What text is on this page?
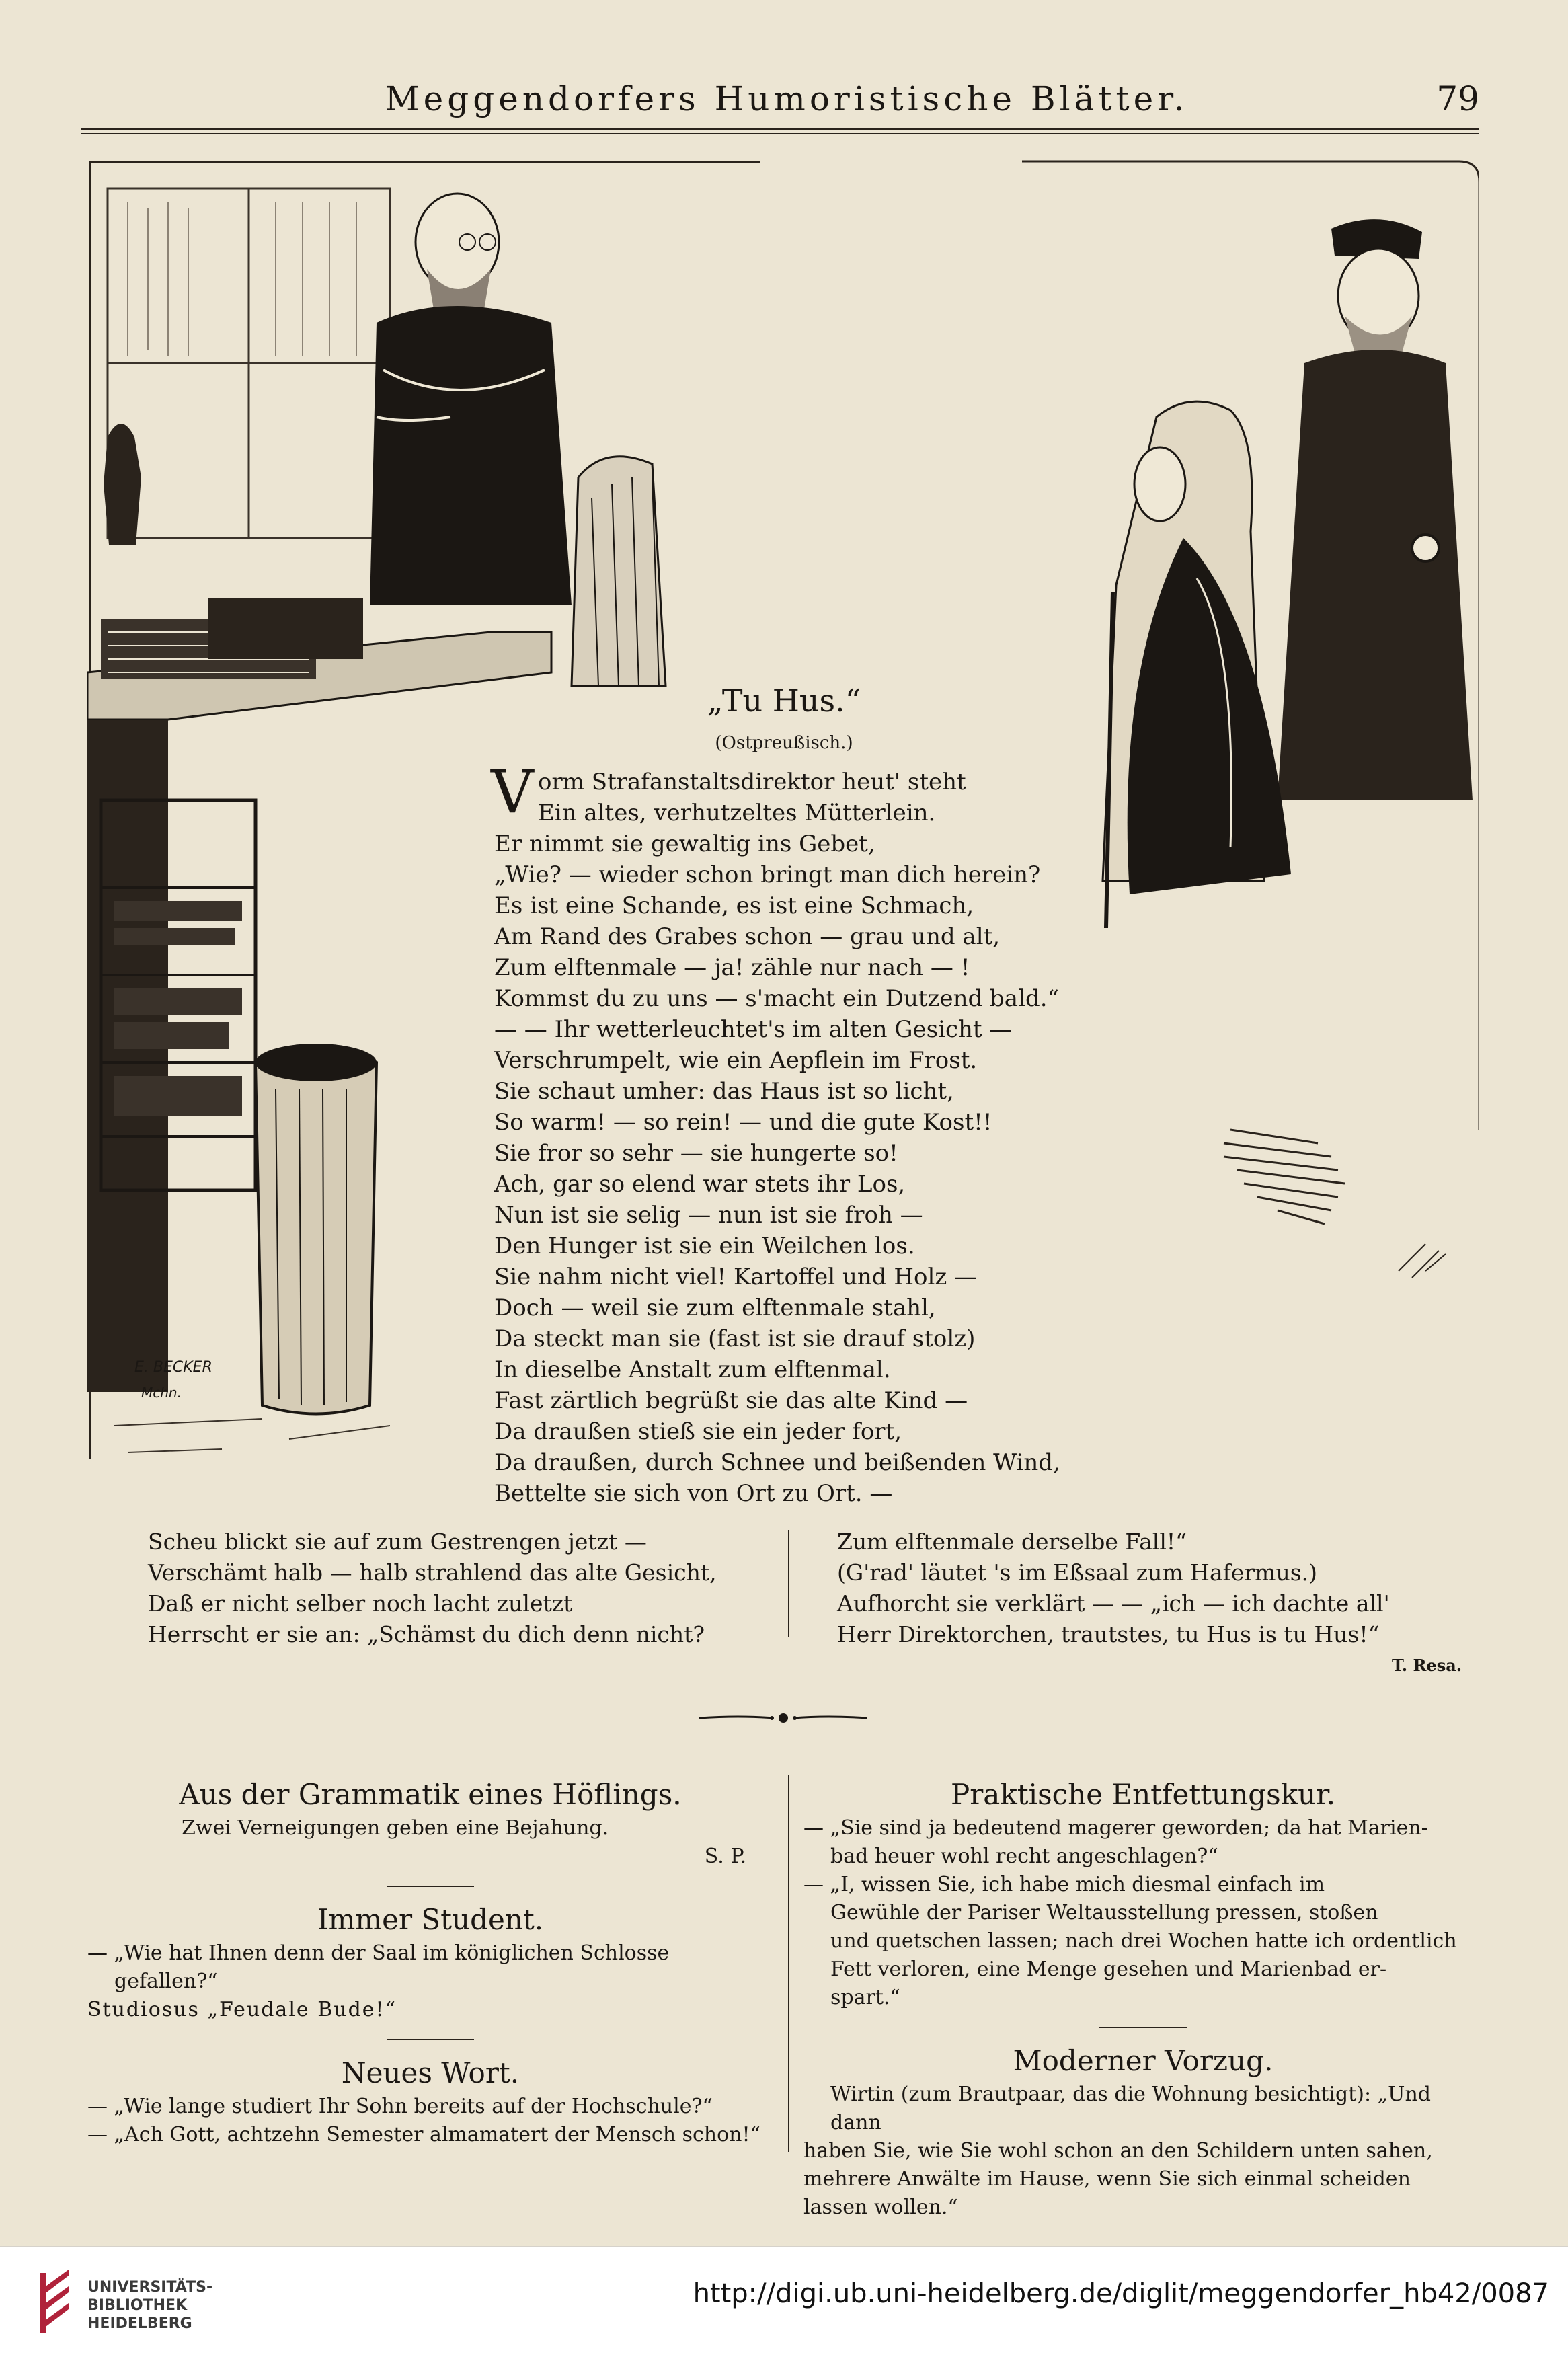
Meggendorfers Humoristische Blätter.	79
E. BECKER
Mchn.
„Tu Hus.“
(Ostpreußisch.)
V orm Strafanstaltsdirektor heut' steht
Ein altes, verhutzeltes Mütterlein.
Er nimmt sie gewaltig ins Gebet,
„Wie? — wieder schon bringt man dich herein?
Es ist eine Schande, es ist eine Schmach,
Am Rand des Grabes schon — grau und alt,
Zum elftenmale — ja! zähle nur nach — !
Kommst du zu uns — s'macht ein Dutzend bald.“
— — Ihr wetterleuchtet's im alten Gesicht —
Verschrumpelt, wie ein Aepflein im Frost.
Sie schaut umher: das Haus ist so licht,
So warm! — so rein! — und die gute Kost!!
Sie fror so sehr — sie hungerte so!
Ach, gar so elend war stets ihr Los,
Nun ist sie selig — nun ist sie froh —
Den Hunger ist sie ein Weilchen los.
Sie nahm nicht viel! Kartoffel und Holz —
Doch — weil sie zum elftenmale stahl,
Da steckt man sie (fast ist sie drauf stolz)
In dieselbe Anstalt zum elftenmal.
Fast zärtlich begrüßt sie das alte Kind —
Da draußen stieß sie ein jeder fort,
Da draußen, durch Schnee und beißenden Wind,
Bettelte sie sich von Ort zu Ort. —
Scheu blickt sie auf zum Gestrengen jetzt —
Verschämt halb — halb strahlend das alte Gesicht,
Daß er nicht selber noch lacht zuletzt
Herrscht er sie an: „Schämst du dich denn nicht?
Zum elftenmale derselbe Fall!“
(G'rad' läutet 's im Eßsaal zum Hafermus.)
Aufhorcht sie verklärt — — „ich — ich dachte all'
Herr Direktorchen, trautstes, tu Hus is tu Hus!“
T. Resa.
Aus der Grammatik eines Höflings.
Zwei Verneigungen geben eine Bejahung.
S. P.
Immer Student.
— „Wie hat Ihnen denn der Saal im königlichen Schlosse
gefallen?“
Studiosus „Feudale Bude!“
Neues Wort.
— „Wie lange studiert Ihr Sohn bereits auf der Hochschule?“
— „Ach Gott, achtzehn Semester almamatert der Mensch schon!“
Praktische Entfettungskur.
— „Sie sind ja bedeutend magerer geworden; da hat Marien-
bad heuer wohl recht angeschlagen?“
— „I, wissen Sie, ich habe mich diesmal einfach im
Gewühle der Pariser Weltausstellung pressen, stoßen
und quetschen lassen; nach drei Wochen hatte ich ordentlich
Fett verloren, eine Menge gesehen und Marienbad er-
spart.“
Moderner Vorzug.
Wirtin (zum Brautpaar, das die Wohnung besichtigt): „Und dann
haben Sie, wie Sie wohl schon an den Schildern unten sahen,
mehrere Anwälte im Hause, wenn Sie sich einmal scheiden
lassen wollen.“
UNIVERSITÄTS-
BIBLIOTHEK
HEIDELBERG
http://digi.ub.uni-heidelberg.de/diglit/meggendorfer_hb42/0087
